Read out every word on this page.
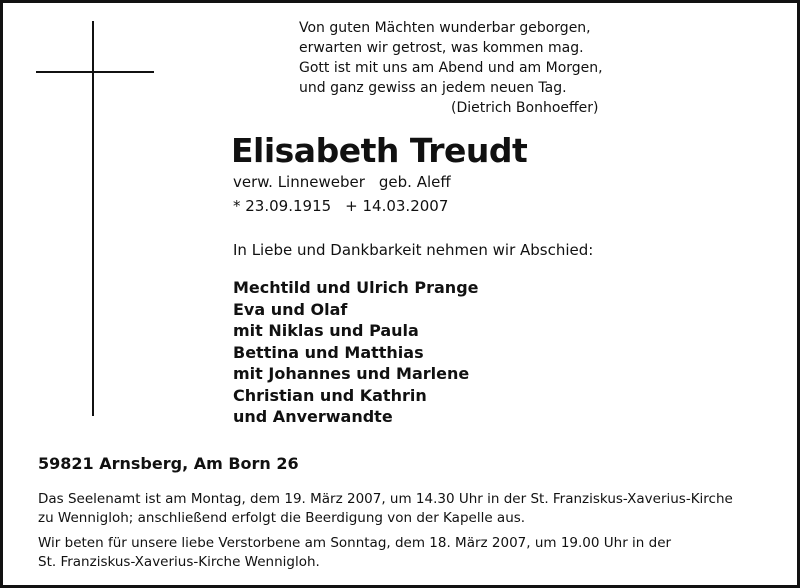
Von guten Mächten wunderbar geborgen,
erwarten wir getrost, was kommen mag.
Gott ist mit uns am Abend und am Morgen,
und ganz gewiss an jedem neuen Tag.
(Dietrich Bonhoeffer)
Elisabeth Treudt
verw. Linneweber geb. Aleff
* 23.09.1915 + 14.03.2007
In Liebe und Dankbarkeit nehmen wir Abschied:
Mechtild und Ulrich Prange
Eva und Olaf
mit Niklas und Paula
Bettina und Matthias
mit Johannes und Marlene
Christian und Kathrin
und Anverwandte
59821 Arnsberg, Am Born 26
Das Seelenamt ist am Montag, dem 19. März 2007, um 14.30 Uhr in der St. Franziskus-Xaverius-Kirche
zu Wennigloh; anschließend erfolgt die Beerdigung von der Kapelle aus.
Wir beten für unsere liebe Verstorbene am Sonntag, dem 18. März 2007, um 19.00 Uhr in der
St. Franziskus-Xaverius-Kirche Wennigloh.
